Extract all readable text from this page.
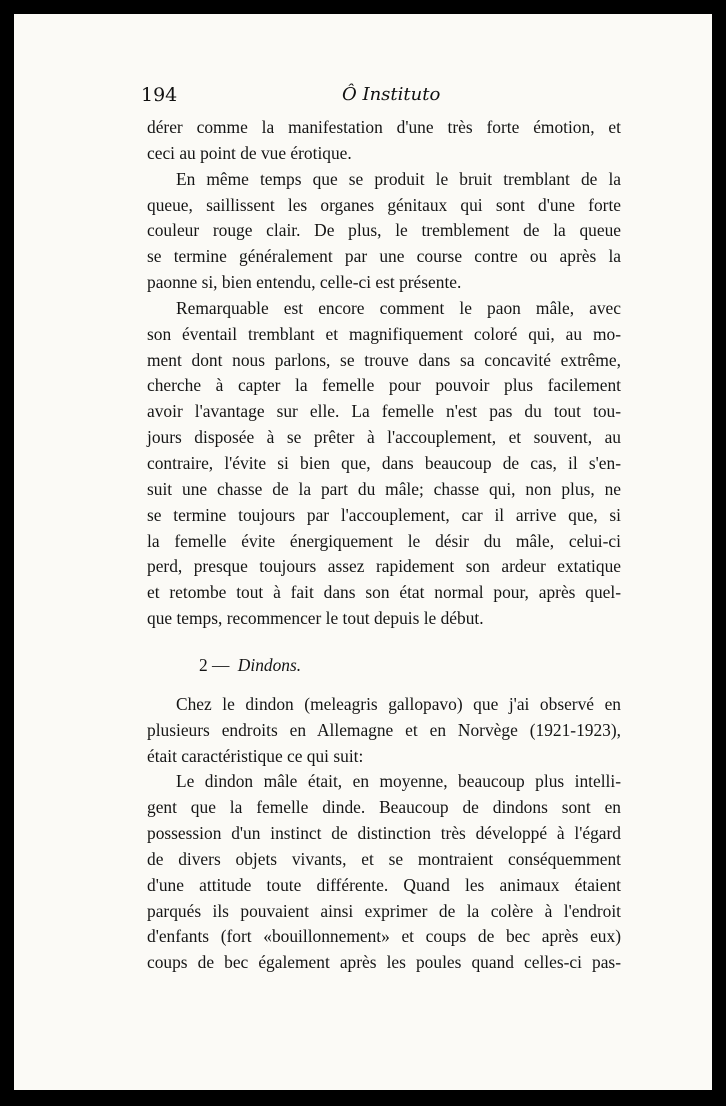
194	Ô Instituto
dérer comme la manifestation d'une très forte émotion, et
ceci au point de vue érotique.
En même temps que se produit le bruit tremblant de la
queue, saillissent les organes génitaux qui sont d'une forte
couleur rouge clair. De plus, le tremblement de la queue
se termine généralement par une course contre ou après la
paonne si, bien entendu, celle-ci est présente.
Remarquable est encore comment le paon mâle, avec
son éventail tremblant et magnifiquement coloré qui, au mo-
ment dont nous parlons, se trouve dans sa concavité extrême,
cherche à capter la femelle pour pouvoir plus facilement
avoir l'avantage sur elle. La femelle n'est pas du tout tou-
jours disposée à se prêter à l'accouplement, et souvent, au
contraire, l'évite si bien que, dans beaucoup de cas, il s'en-
suit une chasse de la part du mâle; chasse qui, non plus, ne
se termine toujours par l'accouplement, car il arrive que, si
la femelle évite énergiquement le désir du mâle, celui-ci
perd, presque toujours assez rapidement son ardeur extatique
et retombe tout à fait dans son état normal pour, après quel-
que temps, recommencer le tout depuis le début.
2 — Dindons.
Chez le dindon (meleagris gallopavo) que j'ai observé en
plusieurs endroits en Allemagne et en Norvège (1921-1923),
était caractéristique ce qui suit:
Le dindon mâle était, en moyenne, beaucoup plus intelli-
gent que la femelle dinde. Beaucoup de dindons sont en
possession d'un instinct de distinction très développé à l'égard
de divers objets vivants, et se montraient conséquemment
d'une attitude toute différente. Quand les animaux étaient
parqués ils pouvaient ainsi exprimer de la colère à l'endroit
d'enfants (fort «bouillonnement» et coups de bec après eux)
coups de bec également après les poules quand celles-ci pas-
